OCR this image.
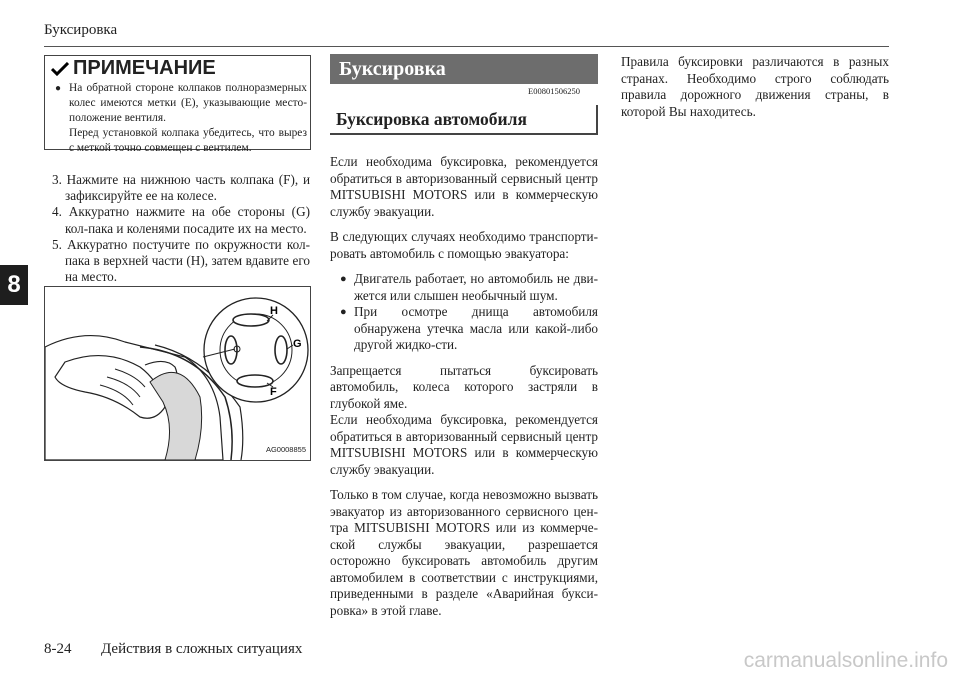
Буксировка
8
ПРИМЕЧАНИЕ
● На обратной стороне колпаков полноразмерных колес имеются метки (E), указывающие место-положение вентиля.
Перед установкой колпака убедитесь, что вырез с меткой точно совмещен с вентилем.
3. Нажмите на нижнюю часть колпака (F), и зафиксируйте ее на колесе.
4. Аккуратно нажмите на обе стороны (G) кол-пака и коленями посадите их на место.
5. Аккуратно постучите по окружности кол-пака в верхней части (H), затем вдавите его на место.
H
G
F
AG0008855
Буксировка
E00801506250
Буксировка автомобиля

Если необходима буксировка, рекомендуется обратиться в авторизованный сервисный центр MITSUBISHI MOTORS или в коммерческую службу эвакуации.

В следующих случаях необходимо транспорти-ровать автомобиль с помощью эвакуатора:

● Двигатель работает, но автомобиль не дви-жется или слышен необычный шум.

● При осмотре днища автомобиля обнаружена утечка масла или какой-либо другой жидко-сти.

Запрещается пытаться буксировать автомобиль, колеса которого застряли в глубокой яме.

Если необходима буксировка, рекомендуется обратиться в авторизованный сервисный центр MITSUBISHI MOTORS или в коммерческую службу эвакуации.

Только в том случае, когда невозможно вызвать эвакуатор из авторизованного сервисного цен-тра MITSUBISHI MOTORS или из коммерче-ской службы эвакуации, разрешается осторожно буксировать автомобиль другим автомобилем в соответствии с инструкциями, приведенными в разделе «Аварийная букси-ровка» в этой главе.

Правила буксировки различаются в разных странах. Необходимо строго соблюдать правила дорожного движения страны, в которой Вы находитесь.

8-24 Действия в сложных ситуациях	carmanualsonline.info
